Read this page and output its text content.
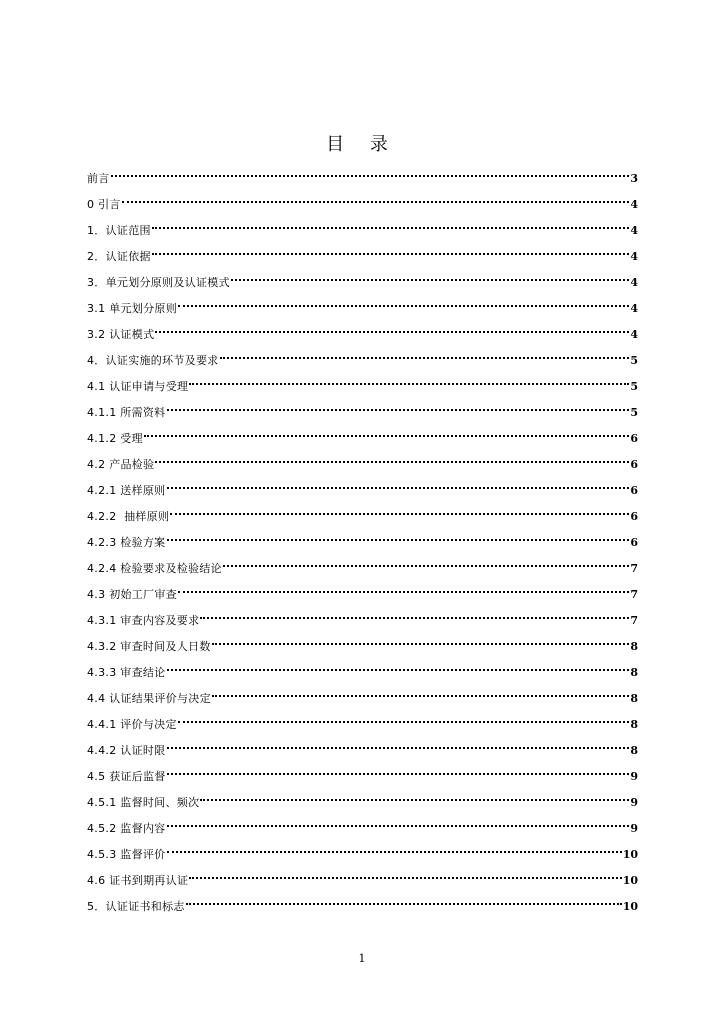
目 录
前言	3
0 引言	4
1．认证范围	4
2．认证依据	4
3．单元划分原则及认证模式	4
3.1 单元划分原则	4
3.2 认证模式	4
4．认证实施的环节及要求	5
4.1 认证申请与受理	5
4.1.1 所需资料	5
4.1.2 受理	6
4.2 产品检验	6
4.2.1 送样原则	6
4.2.2  抽样原则	6
4.2.3 检验方案	6
4.2.4 检验要求及检验结论	7
4.3 初始工厂审查	7
4.3.1 审查内容及要求	7
4.3.2 审查时间及人日数	8
4.3.3 审查结论	8
4.4 认证结果评价与决定	8
4.4.1 评价与决定	8
4.4.2 认证时限	8
4.5 获证后监督	9
4.5.1 监督时间、频次	9
4.5.2 监督内容	9
4.5.3 监督评价	10
4.6 证书到期再认证	10
5．认证证书和标志	10
1
